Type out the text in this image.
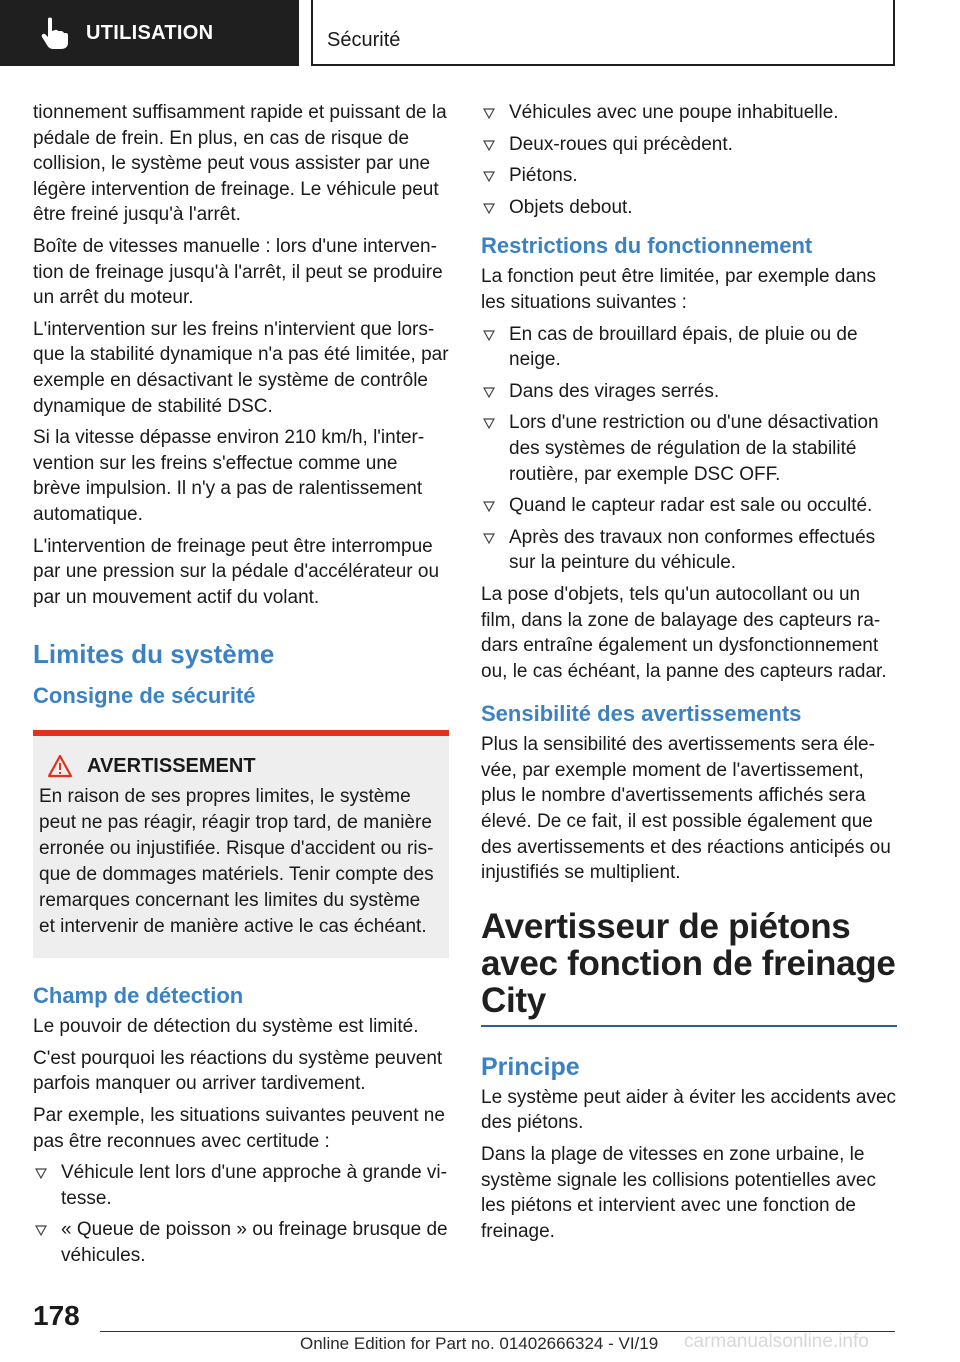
UTILISATION	Sécurité

tionnement suffisamment rapide et puissant de la pédale de frein. En plus, en cas de risque de collision, le système peut vous assister par une légère intervention de freinage. Le véhicule peut être freiné jusqu'à l'arrêt.

Boîte de vitesses manuelle : lors d'une intervention de freinage jusqu'à l'arrêt, il peut se produire un arrêt du moteur.

L'intervention sur les freins n'intervient que lorsque la stabilité dynamique n'a pas été limitée, par exemple en désactivant le système de contrôle dynamique de stabilité DSC.

Si la vitesse dépasse environ 210 km/h, l'intervention sur les freins s'effectue comme une brève impulsion. Il n'y a pas de ralentissement automatique.

L'intervention de freinage peut être interrompue par une pression sur la pédale d'accélérateur ou par un mouvement actif du volant.

Limites du système
Consigne de sécurité
AVERTISSEMENT

En raison de ses propres limites, le système peut ne pas réagir, réagir trop tard, de manière erronée ou injustifiée. Risque d'accident ou risque de dommages matériels. Tenir compte des remarques concernant les limites du système et intervenir de manière active le cas échéant.

Champ de détection

Le pouvoir de détection du système est limité.

C'est pourquoi les réactions du système peuvent parfois manquer ou arriver tardivement.

Par exemple, les situations suivantes peuvent ne pas être reconnues avec certitude :

Véhicule lent lors d'une approche à grande vitesse.
« Queue de poisson » ou freinage brusque de véhicules.
Véhicules avec une poupe inhabituelle.
Deux-roues qui précèdent.
Piétons.
Objets debout.
Restrictions du fonctionnement

La fonction peut être limitée, par exemple dans les situations suivantes :

En cas de brouillard épais, de pluie ou de neige.
Dans des virages serrés.
Lors d'une restriction ou d'une désactivation des systèmes de régulation de la stabilité routière, par exemple DSC OFF.
Quand le capteur radar est sale ou occulté.
Après des travaux non conformes effectués sur la peinture du véhicule.

La pose d'objets, tels qu'un autocollant ou un film, dans la zone de balayage des capteurs radars entraîne également un dysfonctionnement ou, le cas échéant, la panne des capteurs radar.

Sensibilité des avertissements

Plus la sensibilité des avertissements sera élevée, par exemple moment de l'avertissement, plus le nombre d'avertissements affichés sera élevé. De ce fait, il est possible également que des avertissements et des réactions anticipés ou injustifiés se multiplient.

Avertisseur de piétons avec fonction de freinage City
Principe

Le système peut aider à éviter les accidents avec des piétons.

Dans la plage de vitesses en zone urbaine, le système signale les collisions potentielles avec les piétons et intervient avec une fonction de freinage.

178
Online Edition for Part no. 01402666324 - VI/19 carmanualsonline.info
